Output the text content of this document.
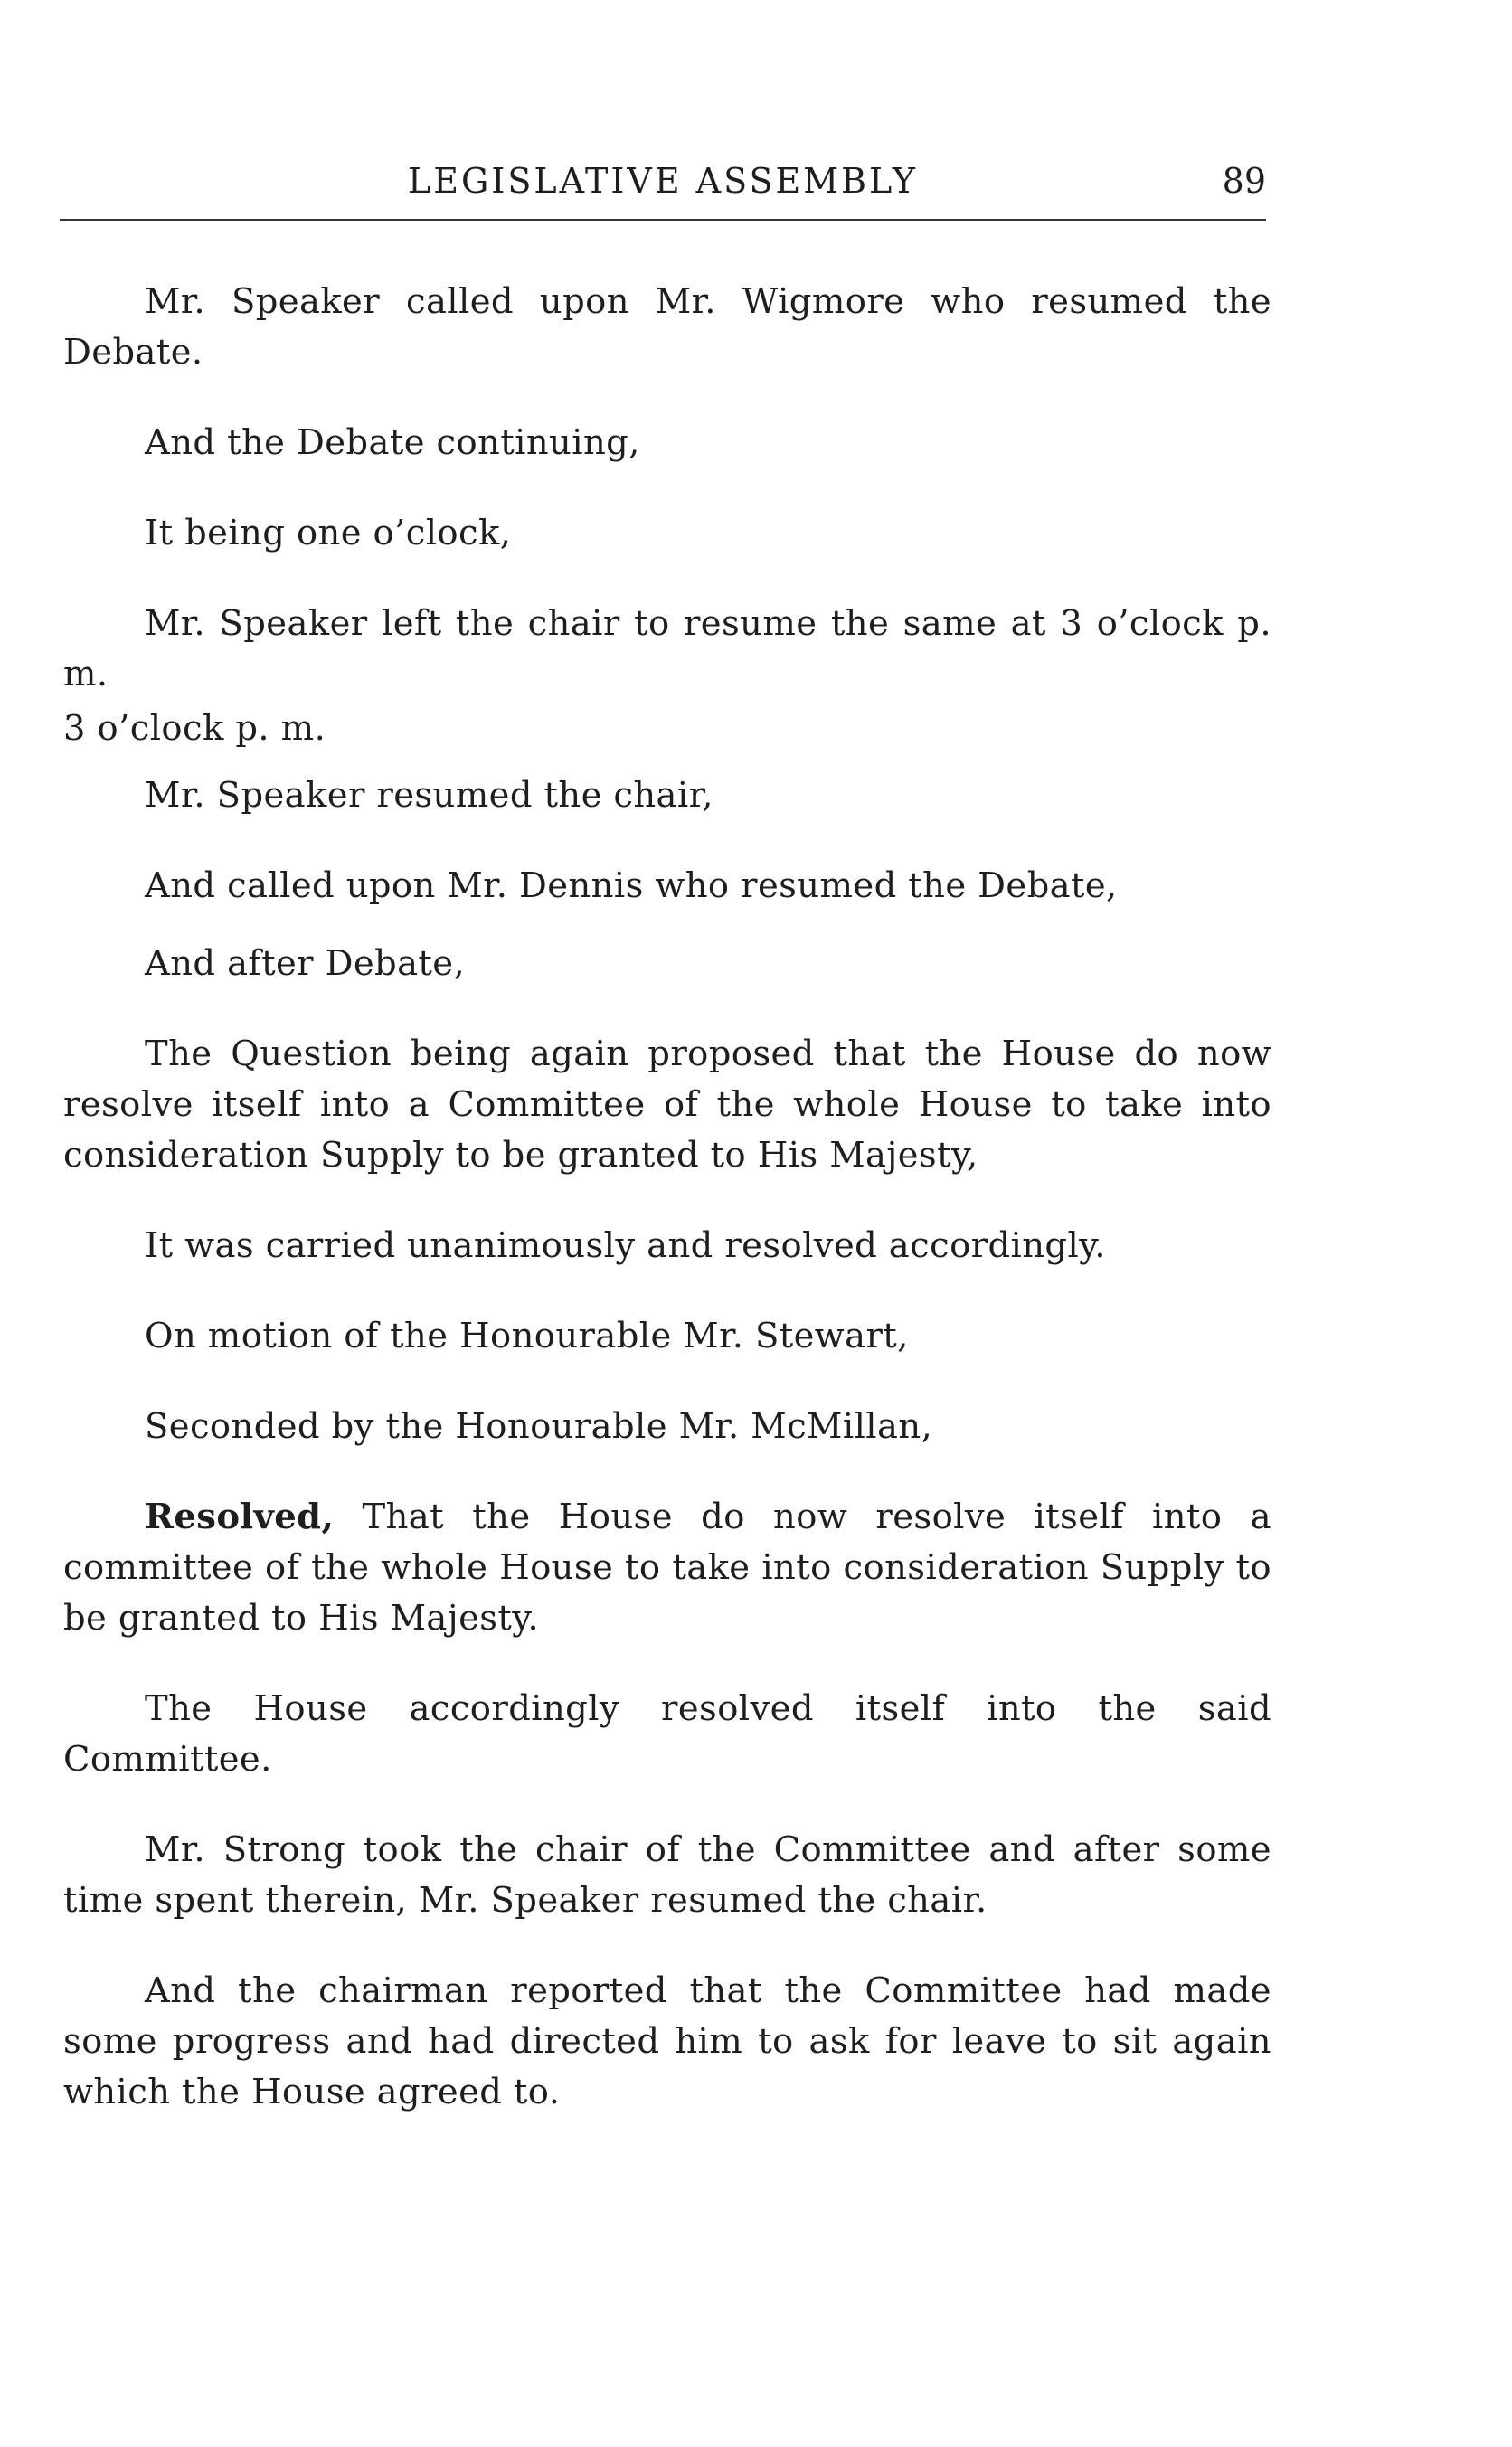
LEGISLATIVE ASSEMBLY	89

Mr. Speaker called upon Mr. Wigmore who resumed the Debate.

And the Debate continuing,

It being one o’clock,

Mr. Speaker left the chair to resume the same at 3 o’clock p. m.

3 o’clock p. m.

Mr. Speaker resumed the chair,

And called upon Mr. Dennis who resumed the Debate,

And after Debate,

The Question being again proposed that the House do now resolve itself into a Committee of the whole House to take into consideration Supply to be granted to His Majesty,

It was carried unanimously and resolved accordingly.

On motion of the Honourable Mr. Stewart,

Seconded by the Honourable Mr. McMillan,

Resolved, That the House do now resolve itself into a committee of the whole House to take into consideration Supply to be granted to His Majesty.

The House accordingly resolved itself into the said Committee.

Mr. Strong took the chair of the Committee and after some time spent therein, Mr. Speaker resumed the chair.

And the chairman reported that the Committee had made some progress and had directed him to ask for leave to sit again which the House agreed to.
